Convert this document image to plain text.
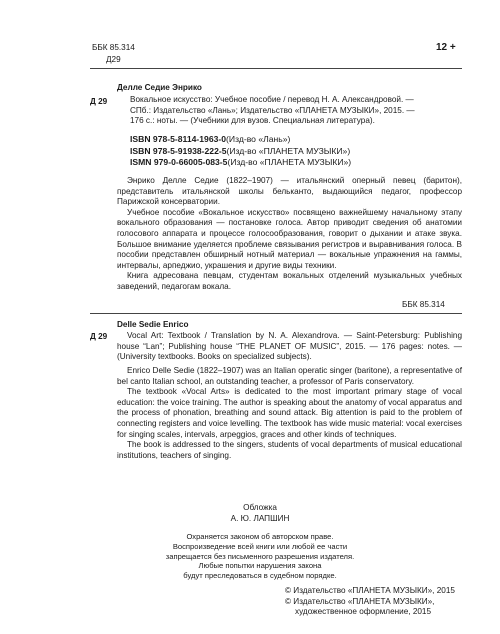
ББК 85.314
Д29
12 +
Д 29
Делле Седие Энрико

Вокальное искусство: Учебное пособие / перевод Н. А. Александровой. —

СПб.: Издательство «Лань»; Издательство «ПЛАНЕТА МУЗЫКИ», 2015. —

176 с.: ноты. — (Учебники для вузов. Специальная литература).

ISBN 978-5-8114-1963-0(Изд-во «Лань»)
ISBN 978-5-91938-222-5(Изд-во «ПЛАНЕТА МУЗЫКИ»)
ISMN 979-0-66005-083-5(Изд-во «ПЛАНЕТА МУЗЫКИ»)

Энрико Делле Седие (1822–1907) — итальянский оперный певец (баритон), представитель итальянской школы бельканто, выдающийся педагог, профессор Парижской консерватории.

Учебное пособие «Вокальное искусство» посвящено важнейшему начальному этапу вокального образования — постановке голоса. Автор приводит сведения об анатомии голосового аппарата и процессе голосообразования, говорит о дыхании и атаке звука. Большое внимание уделяется проблеме связывания регистров и выравнивания голоса. В пособии представлен обширный нотный материал — вокальные упражнения на гаммы, интервалы, арпеджио, украшения и другие виды техники.

Книга адресована певцам, студентам вокальных отделений музыкальных учебных заведений, педагогам вокала.

ББК 85.314
Д 29
Delle Sedie Enrico

Vocal Art: Textbook / Translation by N. A. Alexandrova. — Saint-Petersburg: Publishing house “Lan”; Publishing house “THE PLANET OF MUSIC”, 2015. — 176 pages: notes. — (University textbooks. Books on specialized subjects).

Enrico Delle Sedie (1822–1907) was an Italian operatic singer (baritone), a representative of bel canto Italian school, an outstanding teacher, a professor of Paris conservatory.

The textbook «Vocal Arts» is dedicated to the most important primary stage of vocal education: the voice training. The author is speaking about the anatomy of vocal apparatus and the process of phonation, breathing and sound attack. Big attention is paid to the problem of connecting registers and voice levelling. The textbook has wide music material: vocal exercises for singing scales, intervals, arpeggios, graces and other kinds of techniques.

The book is addressed to the singers, students of vocal departments of musical educational institutions, teachers of singing.

Обложка
А. Ю. ЛАПШИН
Охраняется законом об авторском праве.
Воспроизведение всей книги или любой ее части
запрещается без письменного разрешения издателя.
Любые попытки нарушения закона
будут преследоваться в судебном порядке.
© Издательство «ПЛАНЕТА МУЗЫКИ», 2015
© Издательство «ПЛАНЕТА МУЗЫКИ»,
художественное оформление, 2015
